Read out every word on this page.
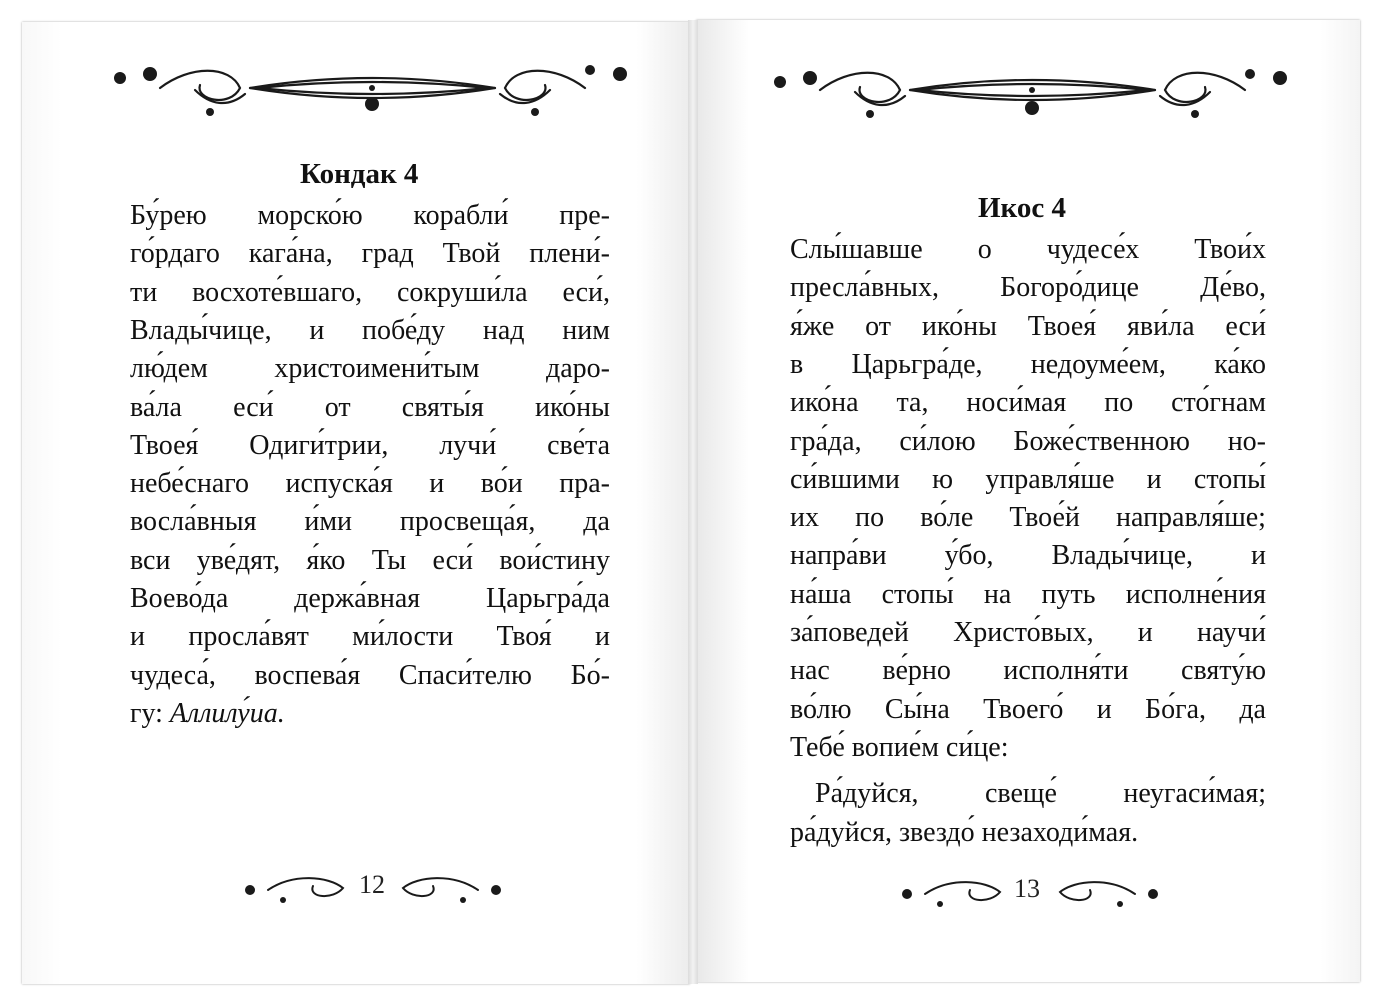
Кондак 4
Бу́рею морско́ю корабли́ пре-
го́рдаго кага́на, град Твой плени́-
ти восхоте́вшаго, сокруши́ла еси́,
Влады́чице, и побе́ду над ним
лю́дем христоимени́тым даро-
ва́ла еси́ от святы́я ико́ны
Твоея́ Одиги́трии, лучи́ све́та
небе́снаго испуска́я и во́и пра-
восла́вныя и́ми просвеща́я, да
вси уве́дят, я́ко Ты еси́ вои́стину
Воево́да держа́вная Царьгра́да
и просла́вят ми́лости Твоя́ и
чудеса́, воспева́я Спаси́телю Бо́-
гу: Аллилу́иа.
Икос 4
Слы́шавше о чудесе́х Твои́х
пресла́вных, Богоро́дице Де́во,
я́же от ико́ны Твоея́ яви́ла еси́
в Царьгра́де, недоуме́ем, ка́ко
ико́на та, носи́мая по сто́гнам
гра́да, си́лою Боже́ственною но-
си́вшими ю управля́ше и стопы́
их по во́ле Твое́й направля́ше;
напра́ви у́бо, Влады́чице, и
на́ша стопы́ на путь исполне́ния
за́поведей Христо́вых, и научи́
нас ве́рно исполня́ти святу́ю
во́лю Сы́на Твоего́ и Бо́га, да
Тебе́ вопие́м си́це:
Ра́дуйся, свеще́ неугаси́мая;
ра́дуйся, звездо́ незаходи́мая.
12	13
